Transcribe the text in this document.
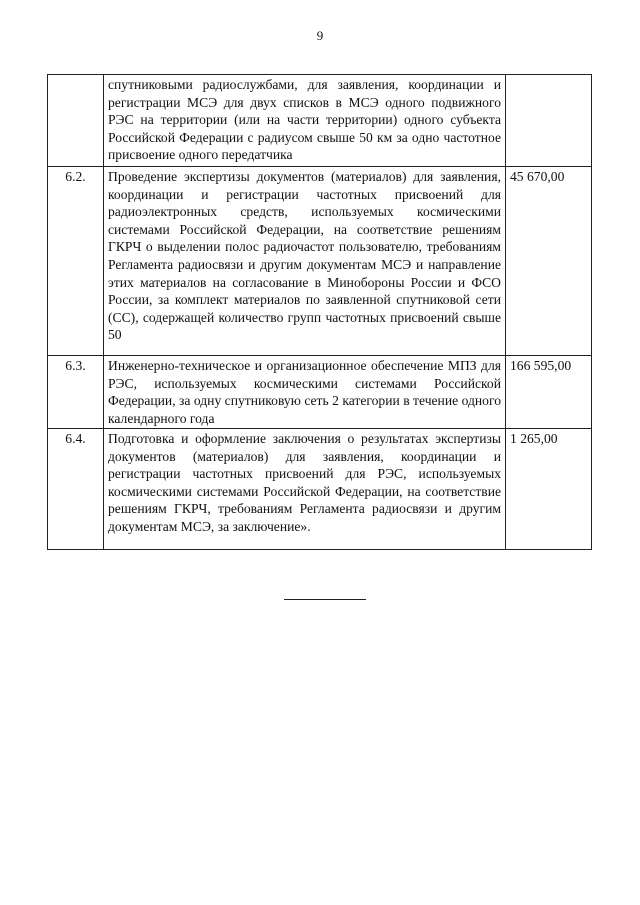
9
	спутниковыми радиослужбами, для заявления, координации и регистрации МСЭ для двух списков в МСЭ одного подвижного РЭС на территории (или на части территории) одного субъекта Российской Федерации с радиусом свыше 50 км за одно частотное присвоение одного передатчика	
6.2.	Проведение экспертизы документов (материалов) для заявления, координации и регистрации частотных присвоений для радиоэлектронных средств, используемых космическими системами Российской Федерации, на соответствие решениям ГКРЧ о выделении полос радиочастот пользователю, требованиям Регламента радиосвязи и другим документам МСЭ и направление этих материалов на согласование в Минобороны России и ФСО России, за комплект материалов по заявленной спутниковой сети (СС), содержащей количество групп частотных присвоений свыше 50	45 670,00
6.3.	Инженерно-техническое и организационное обеспечение МПЗ для РЭС, используемых космическими системами Российской Федерации, за одну спутниковую сеть 2 категории в течение одного календарного года	166 595,00
6.4.	Подготовка и оформление заключения о результатах экспертизы документов (материалов) для заявления, координации и регистрации частотных присвоений для РЭС, используемых космическими системами Российской Федерации, на соответствие решениям ГКРЧ, требованиям Регламента радиосвязи и другим документам МСЭ, за заключение».	1 265,00
